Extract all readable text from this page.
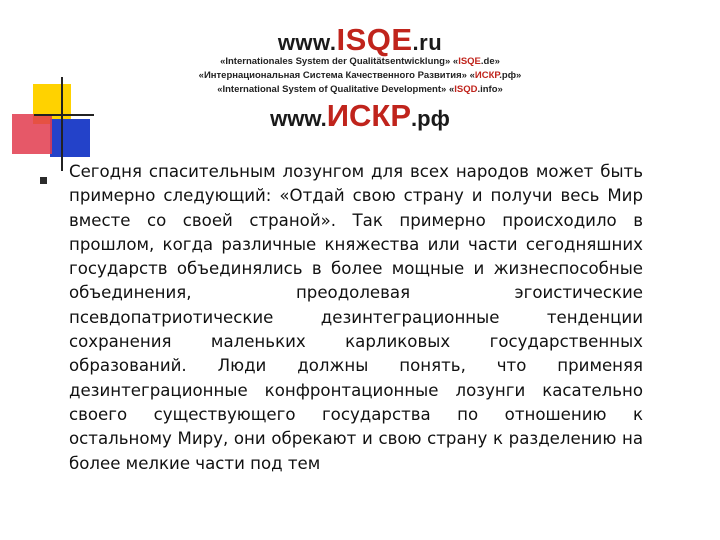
www.ISQE.ru
«Internationales System der Qualitätsentwicklung» «ISQE.de»
«Интернациональная Система Качественного Развития» «ИСКР.рф»
«International System of Qualitative Development» «ISQD.info»
www.ИСКР.рф

Сегодня спасительным лозунгом для всех народов может быть примерно следующий: «Отдай свою страну и получи весь Мир вместе со своей страной». Так примерно происходило в прошлом, когда различные княжества или части сегодняшних государств объединялись в более мощные и жизнеспособные объединения, преодолевая эгоистические псевдопатриотические дезинтеграционные тенденции сохранения маленьких карликовых государственных образований. Люди должны понять, что применяя дезинтеграционные конфронтационные лозунги касательно своего существующего государства по отношению к остальному Миру, они обрекают и свою страну к разделению на более мелкие части под тем
